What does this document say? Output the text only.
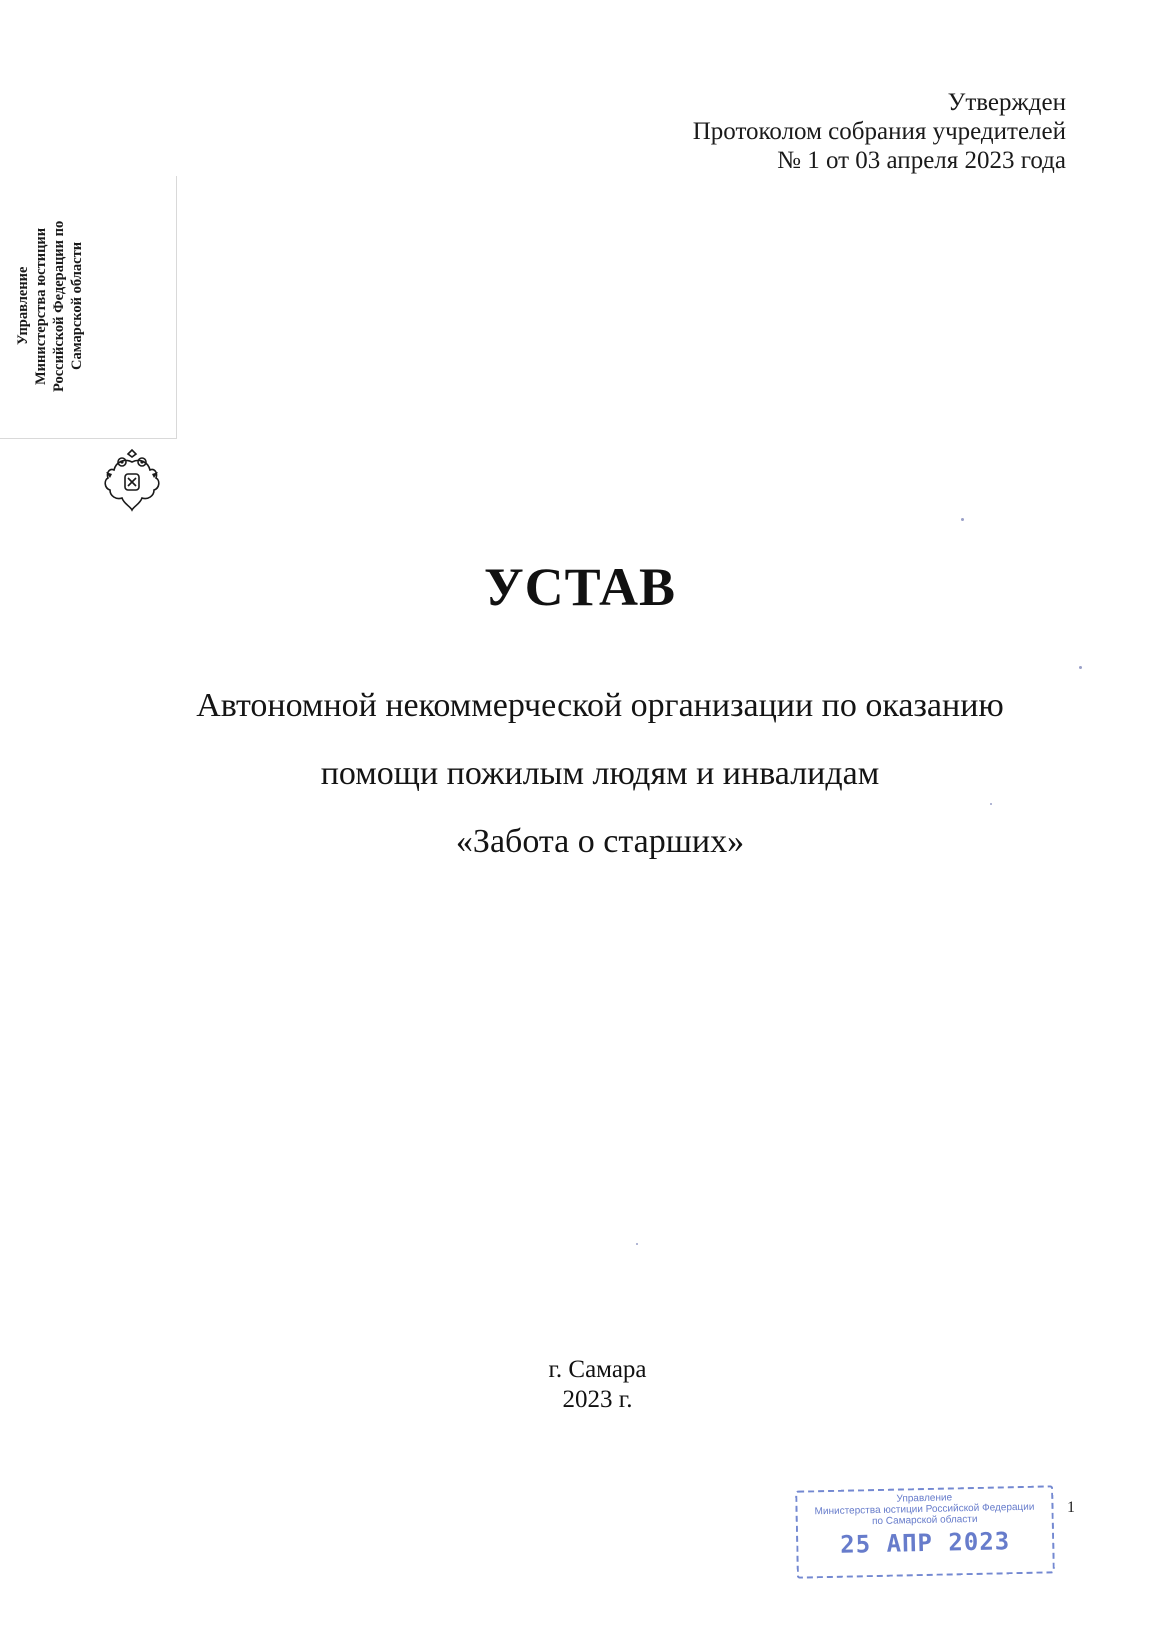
Утвержден
Протоколом собрания учредителей
№ 1 от 03 апреля 2023 года
Управление Министерства юстиции Российской Федерации по Самарской области
УСТАВ
Автономной некоммерческой организации по оказанию
помощи пожилым людям и инвалидам
«Забота о старших»
г. Самара
2023 г.
Управление
Министерства юстиции Российской Федерации
по Самарской области
25 АПР 2023
1
